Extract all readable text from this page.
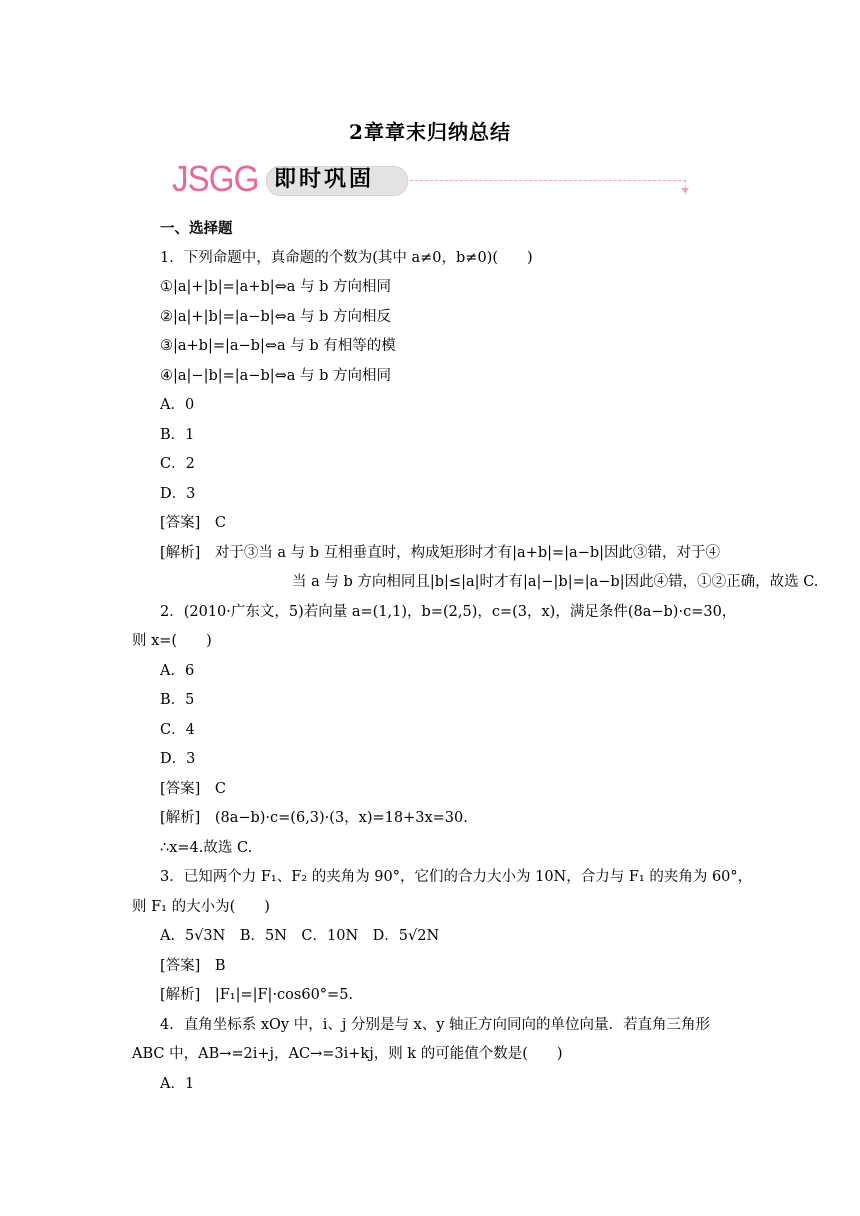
2章章末归纳总结
JSGG 即时巩固
一、选择题
1．下列命题中，真命题的个数为(其中 a≠0，b≠0)(　　)
①|a|+|b|=|a+b|⇔a 与 b 方向相同
②|a|+|b|=|a−b|⇔a 与 b 方向相反
③|a+b|=|a−b|⇔a 与 b 有相等的模
④|a|−|b|=|a−b|⇔a 与 b 方向相同
A．0
B．1
C．2
D．3
[答案]　C
[解析]　对于③当 a 与 b 互相垂直时，构成矩形时才有|a+b|=|a−b|因此③错，对于④
当 a 与 b 方向相同且|b|≤|a|时才有|a|−|b|=|a−b|因此④错，①②正确，故选 C.
2．(2010·广东文，5)若向量 a=(1,1)，b=(2,5)，c=(3，x)，满足条件(8a−b)·c=30，
则 x=(　　)
A．6
B．5
C．4
D．3
[答案]　C
[解析]　(8a−b)·c=(6,3)·(3，x)=18+3x=30.
∴x=4.故选 C.
3．已知两个力 F₁、F₂ 的夹角为 90°，它们的合力大小为 10N，合力与 F₁ 的夹角为 60°，
则 F₁ 的大小为(　　)
A．5√3N　B．5N　C．10N　D．5√2N
[答案]　B
[解析]　|F₁|=|F|·cos60°=5.
4．直角坐标系 xOy 中，i、j 分别是与 x、y 轴正方向同向的单位向量．若直角三角形
ABC 中，AB→=2i+j，AC→=3i+kj，则 k 的可能值个数是(　　)
A．1
